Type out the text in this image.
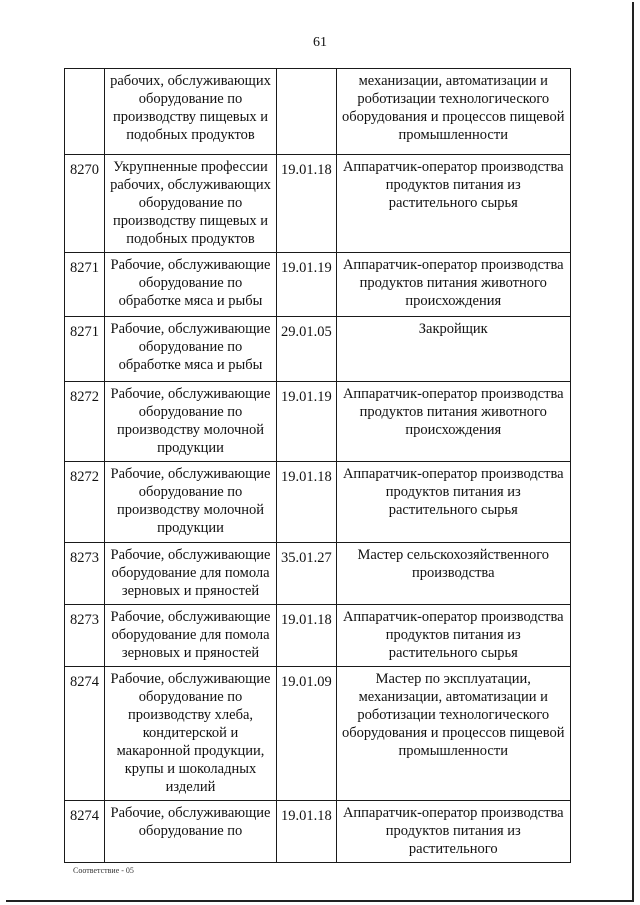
61
	рабочих, обслуживающих оборудование по производству пищевых и подобных продуктов		механизации, автоматизации и роботизации технологического оборудования и процессов пищевой промышленности
8270	Укрупненные профессии рабочих, обслуживающих оборудование по производству пищевых и подобных продуктов	19.01.18	Аппаратчик-оператор производства продуктов питания из растительного сырья
8271	Рабочие, обслуживающие оборудование по обработке мяса и рыбы	19.01.19	Аппаратчик-оператор производства продуктов питания животного происхождения
8271	Рабочие, обслуживающие оборудование по обработке мяса и рыбы	29.01.05	Закройщик
8272	Рабочие, обслуживающие оборудование по производству молочной продукции	19.01.19	Аппаратчик-оператор производства продуктов питания животного происхождения
8272	Рабочие, обслуживающие оборудование по производству молочной продукции	19.01.18	Аппаратчик-оператор производства продуктов питания из растительного сырья
8273	Рабочие, обслуживающие оборудование для помола зерновых и пряностей	35.01.27	Мастер сельскохозяйственного производства
8273	Рабочие, обслуживающие оборудование для помола зерновых и пряностей	19.01.18	Аппаратчик-оператор производства продуктов питания из растительного сырья
8274	Рабочие, обслуживающие оборудование по производству хлеба, кондитерской и макаронной продукции, крупы и шоколадных изделий	19.01.09	Мастер по эксплуатации, механизации, автоматизации и роботизации технологического оборудования и процессов пищевой промышленности
8274	Рабочие, обслуживающие оборудование по	19.01.18	Аппаратчик-оператор производства продуктов питания из растительного
Соответствие - 05
